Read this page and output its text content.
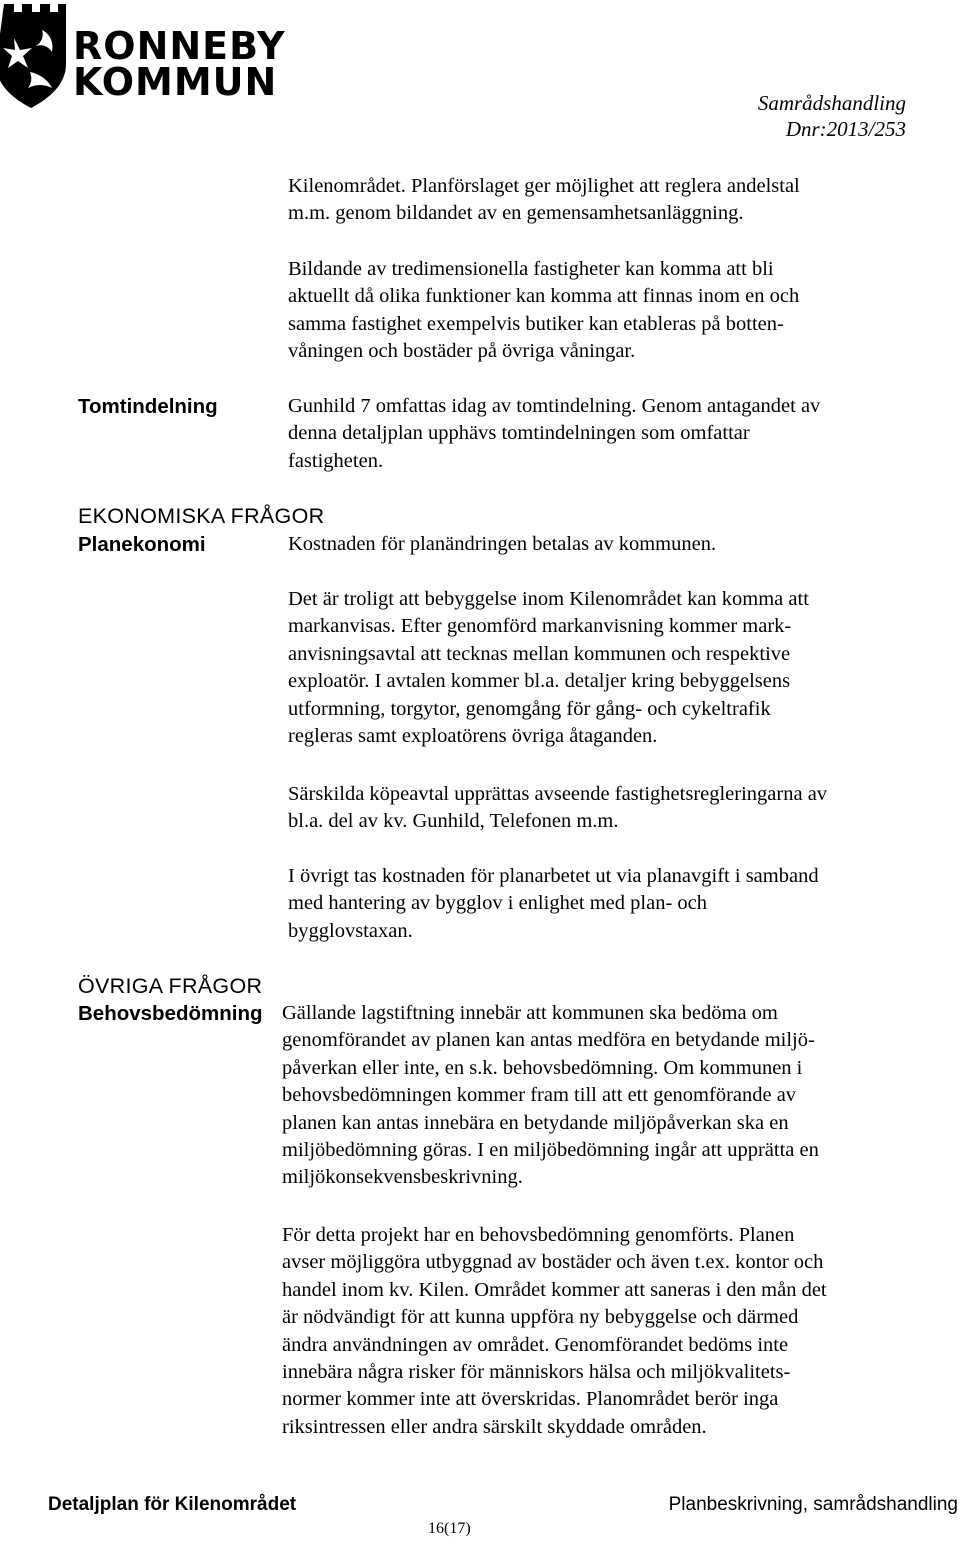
RONNEBY
KOMMUN	Samrådshandling
Dnr:2013/253
Kilenområdet. Planförslaget ger möjlighet att reglera andelstal
m.m. genom bildandet av en gemensamhetsanläggning.
Bildande av tredimensionella fastigheter kan komma att bli
aktuellt då olika funktioner kan komma att finnas inom en och
samma fastighet exempelvis butiker kan etableras på botten-
våningen och bostäder på övriga våningar.
Tomtindelning	Gunhild 7 omfattas idag av tomtindelning. Genom antagandet av
denna detaljplan upphävs tomtindelningen som omfattar
fastigheten.
EKONOMISKA FRÅGOR
Planekonomi	Kostnaden för planändringen betalas av kommunen.
Det är troligt att bebyggelse inom Kilenområdet kan komma att
markanvisas. Efter genomförd markanvisning kommer mark-
anvisningsavtal att tecknas mellan kommunen och respektive
exploatör. I avtalen kommer bl.a. detaljer kring bebyggelsens
utformning, torgytor, genomgång för gång- och cykeltrafik
regleras samt exploatörens övriga åtaganden.
Särskilda köpeavtal upprättas avseende fastighetsregleringarna av
bl.a. del av kv. Gunhild, Telefonen m.m.
I övrigt tas kostnaden för planarbetet ut via planavgift i samband
med hantering av bygglov i enlighet med plan- och
bygglovstaxan.
ÖVRIGA FRÅGOR
Behovsbedömning Gällande lagstiftning innebär att kommunen ska bedöma om
genomförandet av planen kan antas medföra en betydande miljö-
påverkan eller inte, en s.k. behovsbedömning. Om kommunen i
behovsbedömningen kommer fram till att ett genomförande av
planen kan antas innebära en betydande miljöpåverkan ska en
miljöbedömning göras. I en miljöbedömning ingår att upprätta en
miljökonsekvensbeskrivning.
För detta projekt har en behovsbedömning genomförts. Planen
avser möjliggöra utbyggnad av bostäder och även t.ex. kontor och
handel inom kv. Kilen. Området kommer att saneras i den mån det
är nödvändigt för att kunna uppföra ny bebyggelse och därmed
ändra användningen av området. Genomförandet bedöms inte
innebära några risker för människors hälsa och miljökvalitets-
normer kommer inte att överskridas. Planområdet berör inga
riksintressen eller andra särskilt skyddade områden.
Detaljplan för Kilenområdet	Planbeskrivning, samrådshandling
16(17)
